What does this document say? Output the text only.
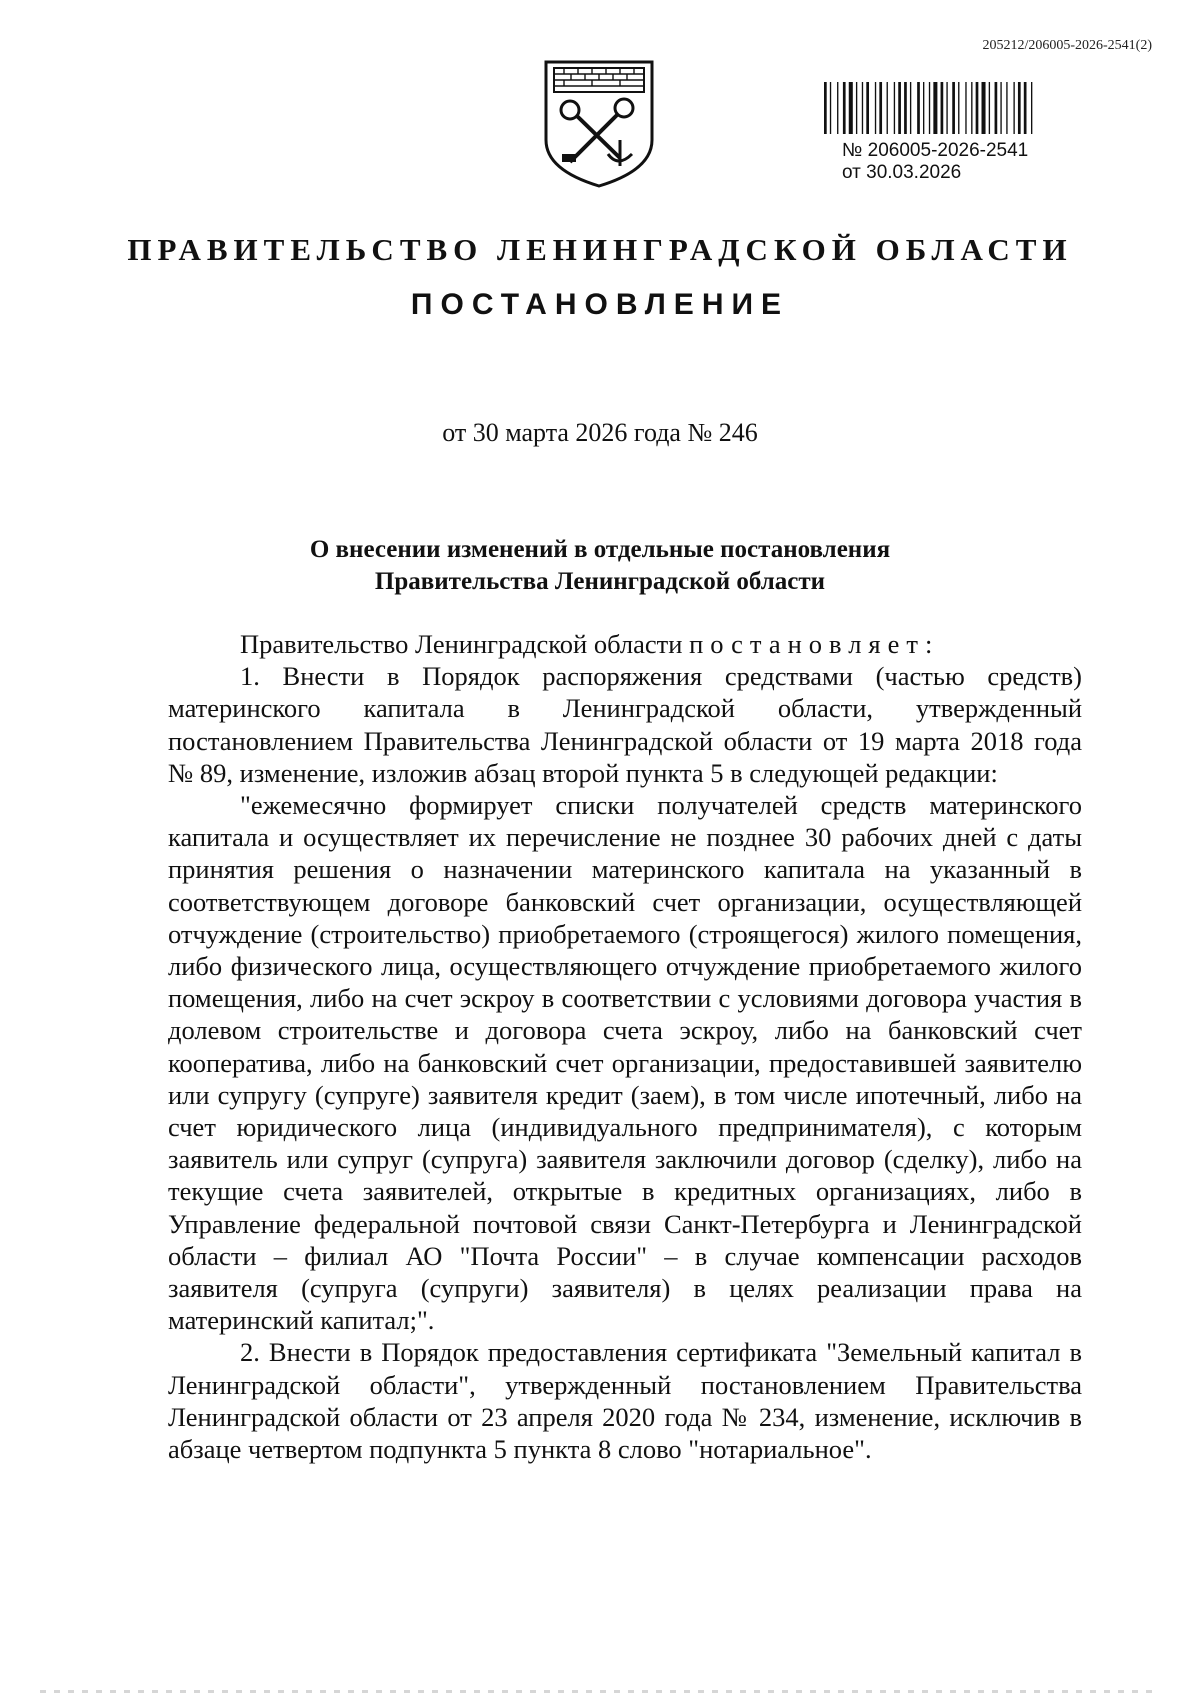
205212/206005-2026-2541(2)
№ 206005-2026-2541
от 30.03.2026
ПРАВИТЕЛЬСТВО ЛЕНИНГРАДСКОЙ ОБЛАСТИ
ПОСТАНОВЛЕНИЕ
от 30 марта 2026 года № 246
О внесении изменений в отдельные постановления
Правительства Ленинградской области

Правительство Ленинградской области постановляет:

1. Внести в Порядок распоряжения средствами (частью средств) материнского капитала в Ленинградской области, утвержденный постановлением Правительства Ленинградской области от 19 марта 2018 года № 89, изменение, изложив абзац второй пункта 5 в следующей редакции:

"ежемесячно формирует списки получателей средств материнского капитала и осуществляет их перечисление не позднее 30 рабочих дней с даты принятия решения о назначении материнского капитала на указанный в соответствующем договоре банковский счет организации, осуществляющей отчуждение (строительство) приобретаемого (строящегося) жилого помещения, либо физического лица, осуществляющего отчуждение приобретаемого жилого помещения, либо на счет эскроу в соответствии с условиями договора участия в долевом строительстве и договора счета эскроу, либо на банковский счет кооператива, либо на банковский счет организации, предоставившей заявителю или супругу (супруге) заявителя кредит (заем), в том числе ипотечный, либо на счет юридического лица (индивидуального предпринимателя), с которым заявитель или супруг (супруга) заявителя заключили договор (сделку), либо на текущие счета заявителей, открытые в кредитных организациях, либо в Управление федеральной почтовой связи Санкт-Петербурга и Ленинградской области – филиал АО "Почта России" – в случае компенсации расходов заявителя (супруга (супруги) заявителя) в целях реализации права на материнский капитал;".

2. Внести в Порядок предоставления сертификата "Земельный капитал в Ленинградской области", утвержденный постановлением Правительства Ленинградской области от 23 апреля 2020 года № 234, изменение, исключив в абзаце четвертом подпункта 5 пункта 8 слово "нотариальное".
